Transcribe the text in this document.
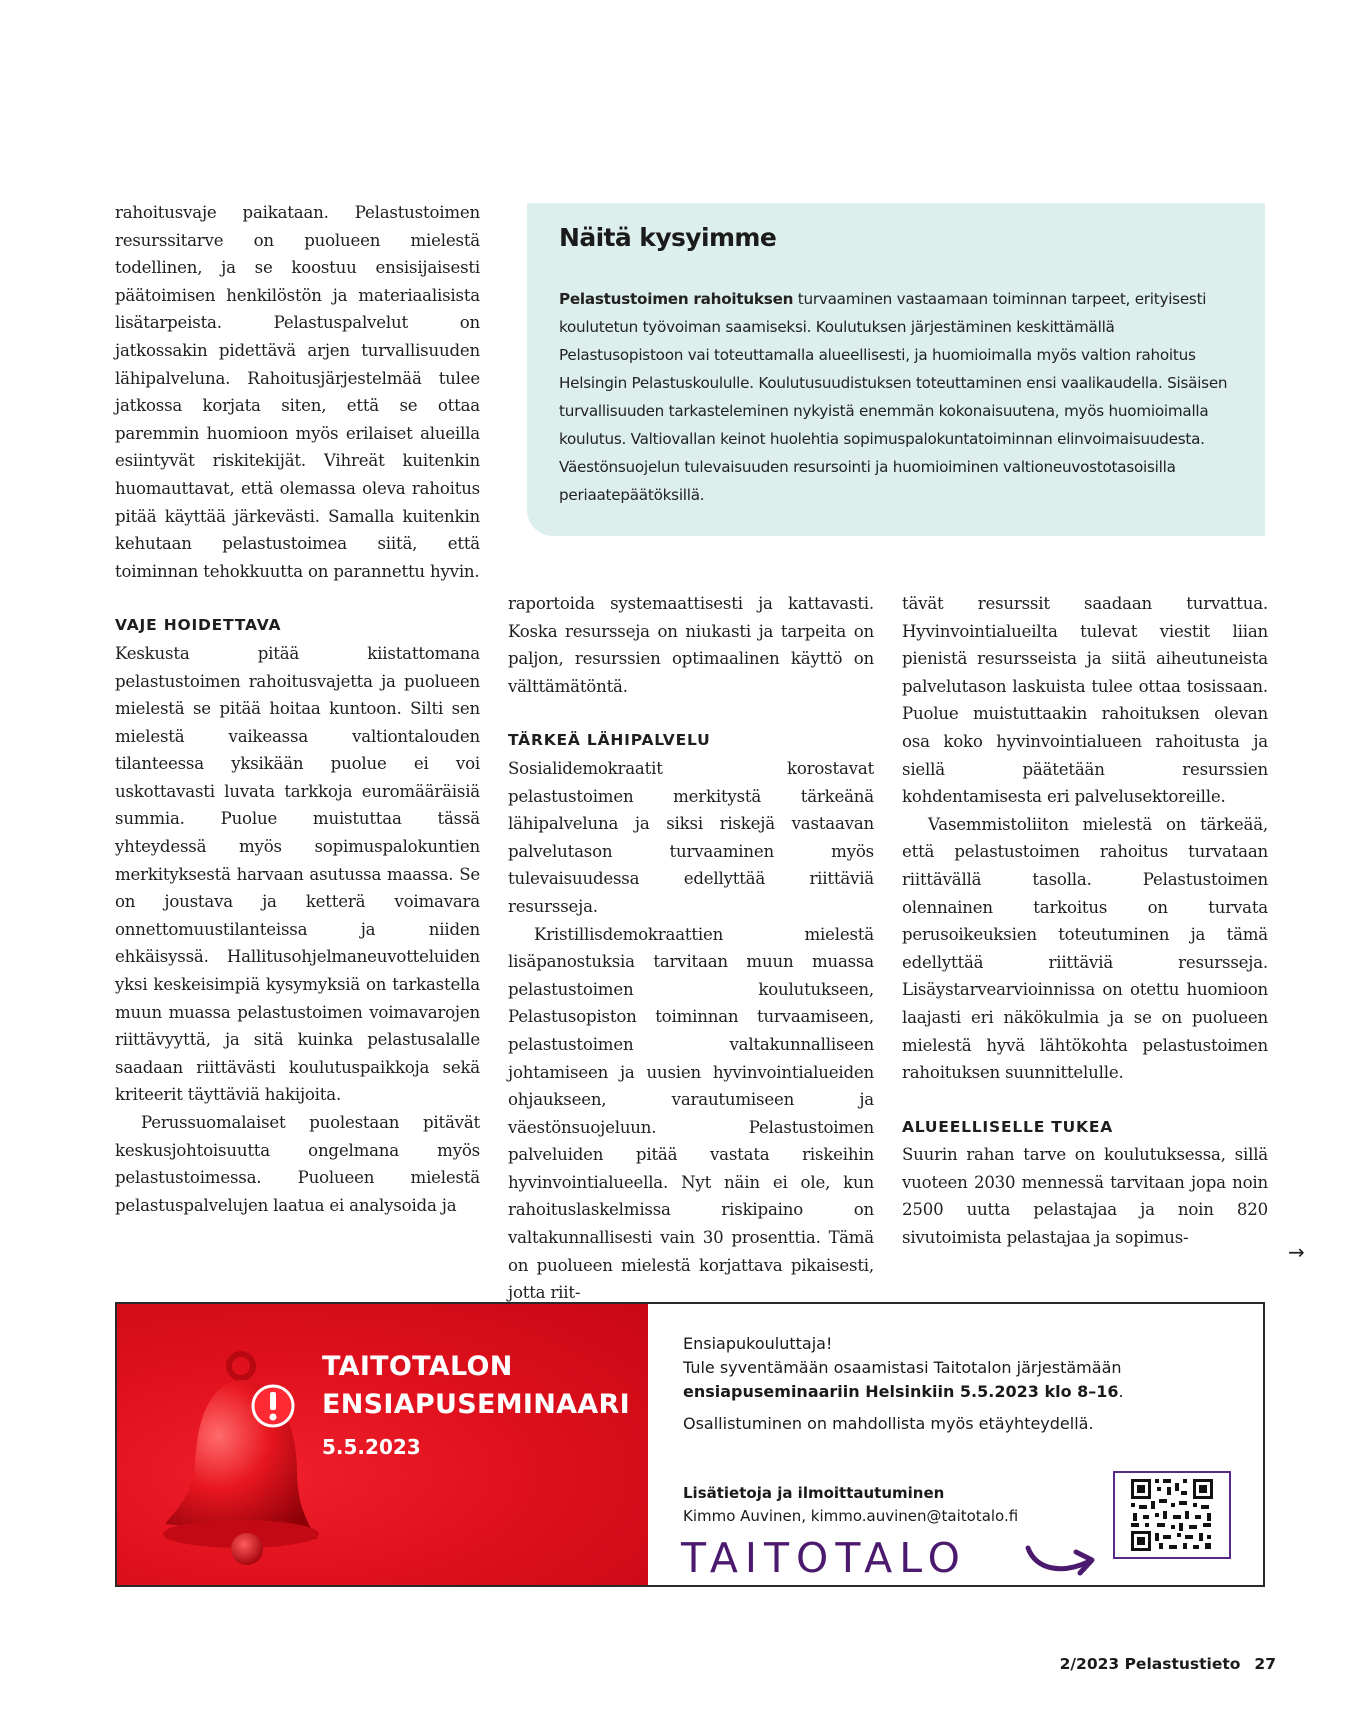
rahoitusvaje paikataan. Pelastustoimen resurssitarve on puolueen mielestä todellinen, ja se koostuu ensisijaisesti päätoimisen henkilöstön ja materiaalisista lisätarpeista. Pelastuspalvelut on jatkossakin pidettävä arjen turvallisuuden lähipalveluna. Rahoitusjärjestelmää tulee jatkossa korjata siten, että se ottaa paremmin huomioon myös erilaiset alueilla esiintyvät riskitekijät. Vihreät kuitenkin huomauttavat, että olemassa oleva rahoitus pitää käyttää järkevästi. Samalla kuitenkin kehutaan pelastustoimea siitä, että toiminnan tehokkuutta on parannettu hyvin.

VAJE HOIDETTAVA

Keskusta pitää kiistattomana pelastustoimen rahoitusvajetta ja puolueen mielestä se pitää hoitaa kuntoon. Silti sen mielestä vaikeassa valtiontalouden tilanteessa yksikään puolue ei voi uskottavasti luvata tarkkoja euromääräisiä summia. Puolue muistuttaa tässä yhteydessä myös sopimuspalokuntien merkityksestä harvaan asutussa maassa. Se on joustava ja ketterä voimavara onnettomuustilanteissa ja niiden ehkäisyssä. Hallitusohjelmaneuvotteluiden yksi keskeisimpiä kysymyksiä on tarkastella muun muassa pelastustoimen voimavarojen riittävyyttä, ja sitä kuinka pelastusalalle saadaan riittävästi koulutuspaikkoja sekä kriteerit täyttäviä hakijoita.

Perussuomalaiset puolestaan pitävät keskusjohtoisuutta ongelmana myös pelastustoimessa. Puolueen mielestä pelastuspalvelujen laatua ei analysoida ja

Näitä kysyimme
Pelastustoimen rahoituksen turvaaminen vastaamaan toiminnan tarpeet, erityisesti koulutetun työvoiman saamiseksi. Koulutuksen järjestäminen keskittämällä Pelastusopistoon vai toteuttamalla alueellisesti, ja huomioimalla myös valtion rahoitus Helsingin Pelastuskoululle. Koulutusuudistuksen toteuttaminen ensi vaalikaudella. Sisäisen turvallisuuden tarkasteleminen nykyistä enemmän kokonaisuutena, myös huomioimalla koulutus. Valtiovallan keinot huolehtia sopimuspalokuntatoiminnan elinvoimaisuudesta. Väestönsuojelun tulevaisuuden resursointi ja huomioiminen valtioneuvostotasoisilla periaatepäätöksillä.

raportoida systemaattisesti ja kattavasti. Koska resursseja on niukasti ja tarpeita on paljon, resurssien optimaalinen käyttö on välttämätöntä.

TÄRKEÄ LÄHIPALVELU

Sosialidemokraatit korostavat pelastustoimen merkitystä tärkeänä lähipalveluna ja siksi riskejä vastaavan palvelutason turvaaminen myös tulevaisuudessa edellyttää riittäviä resursseja.

Kristillisdemokraattien mielestä lisäpanostuksia tarvitaan muun muassa pelastustoimen koulutukseen, Pelastusopiston toiminnan turvaamiseen, pelastustoimen valtakunnalliseen johtamiseen ja uusien hyvinvointialueiden ohjaukseen, varautumiseen ja väestönsuojeluun. Pelastustoimen palveluiden pitää vastata riskeihin hyvinvointialueella. Nyt näin ei ole, kun rahoituslaskelmissa riskipaino on valtakunnallisesti vain 30 prosenttia. Tämä on puolueen mielestä korjattava pikaisesti, jotta riit-

tävät resurssit saadaan turvattua. Hyvinvointialueilta tulevat viestit liian pienistä resursseista ja siitä aiheutuneista palvelutason laskuista tulee ottaa tosissaan. Puolue muistuttaakin rahoituksen olevan osa koko hyvinvointialueen rahoitusta ja siellä päätetään resurssien kohdentamisesta eri palvelusektoreille.

Vasemmistoliiton mielestä on tärkeää, että pelastustoimen rahoitus turvataan riittävällä tasolla. Pelastustoimen olennainen tarkoitus on turvata perusoikeuksien toteutuminen ja tämä edellyttää riittäviä resursseja. Lisäystarvearvioinnissa on otettu huomioon laajasti eri näkökulmia ja se on puolueen mielestä hyvä lähtökohta pelastustoimen rahoituksen suunnittelulle.

ALUEELLISELLE TUKEA

Suurin rahan tarve on koulutuksessa, sillä vuoteen 2030 mennessä tarvitaan jopa noin 2500 uutta pelastajaa ja noin 820 sivutoimista pelastajaa ja sopimus-

→
TAITOTALON
ENSIAPUSEMINAARI
5.5.2023

Ensiapukouluttaja!

Tule syventämään osaamistasi Taitotalon järjestämään

ensiapuseminaariin Helsinkiin 5.5.2023 klo 8–16.

Osallistuminen on mahdollista myös etäyhteydellä.

Lisätietoja ja ilmoittautuminen
Kimmo Auvinen, kimmo.auvinen@taitotalo.fi
TAITOTALO
2/2023 Pelastustieto 27
